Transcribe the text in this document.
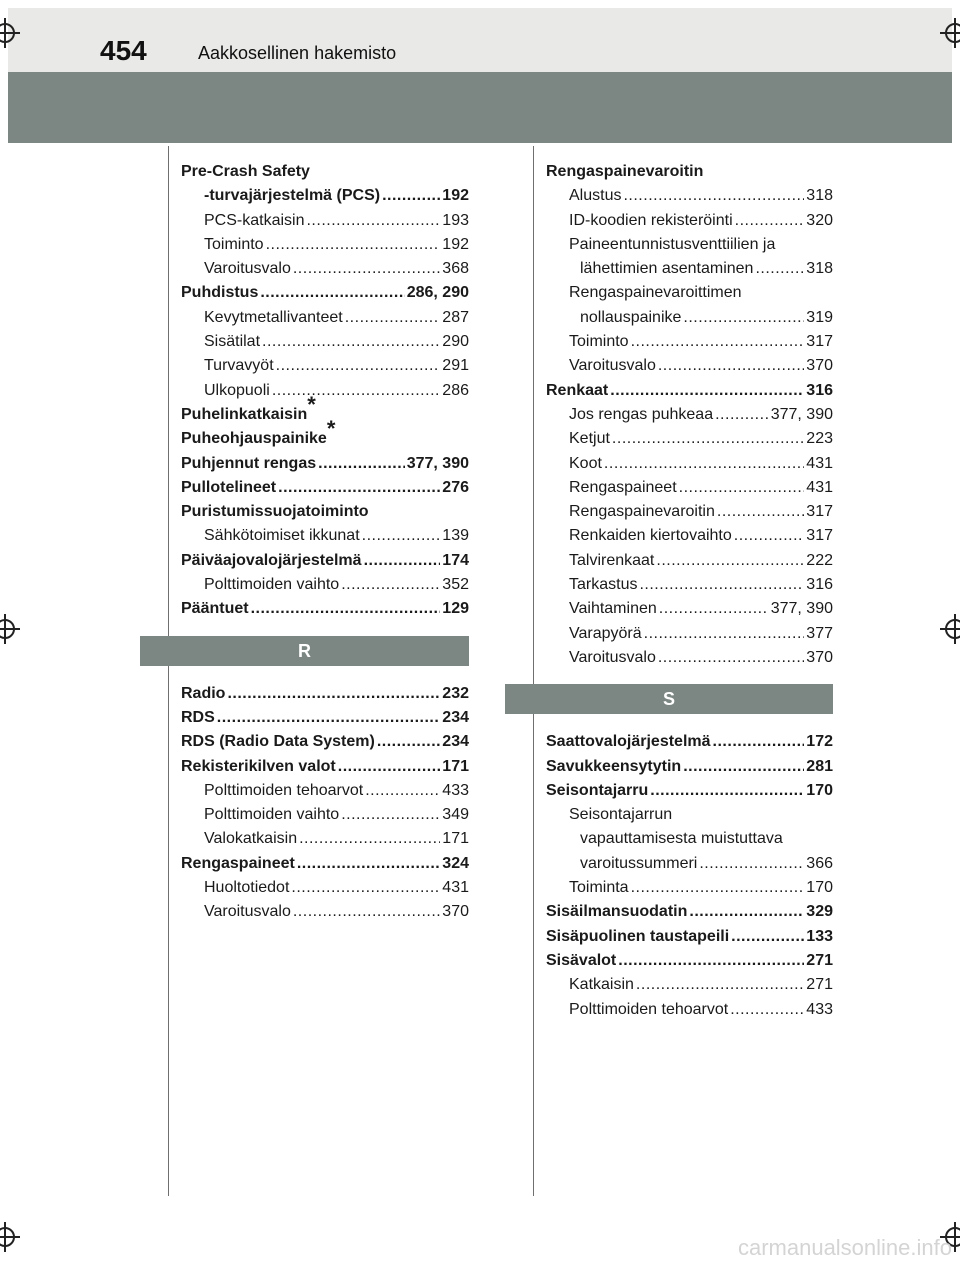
454	Aakkosellinen hakemisto
Pre-Crash Safety
-turvajärjestelmä (PCS) .....	192
PCS-katkaisin .....	193
Toiminto .....	192
Varoitusvalo .....	368
Puhdistus .....	286, 290
Kevytmetallivanteet .....	287
Sisätilat .....	290
Turvavyöt .....	291
Ulkopuoli .....	286
Puhelinkatkaisin*
Puheohjauspainike*
Puhjennut rengas .....	377, 390
Pullotelineet .....	276
Puristumissuojatoiminto
Sähkötoimiset ikkunat .....	139
Päiväajovalojärjestelmä .....	174
Polttimoiden vaihto .....	352
Pääntuet .....	129
R
Radio .....	232
RDS .....	234
RDS (Radio Data System) .....	234
Rekisterikilven valot .....	171
Polttimoiden tehoarvot .....	433
Polttimoiden vaihto .....	349
Valokatkaisin .....	171
Rengaspaineet .....	324
Huoltotiedot .....	431
Varoitusvalo .....	370
Rengaspainevaroitin
Alustus .....	318
ID-koodien rekisteröinti .....	320
Paineentunnistusventtiilien ja
lähettimien asentaminen .....	318
Rengaspainevaroittimen
nollauspainike .....	319
Toiminto .....	317
Varoitusvalo .....	370
Renkaat .....	316
Jos rengas puhkeaa .....	377, 390
Ketjut .....	223
Koot .....	431
Rengaspaineet .....	431
Rengaspainevaroitin .....	317
Renkaiden kiertovaihto .....	317
Talvirenkaat .....	222
Tarkastus .....	316
Vaihtaminen .....	377, 390
Varapyörä .....	377
Varoitusvalo .....	370
S
Saattovalojärjestelmä .....	172
Savukkeensytytin .....	281
Seisontajarru .....	170
Seisontajarrun
vapauttamisesta muistuttava
varoitussummeri .....	366
Toiminta .....	170
Sisäilmansuodatin .....	329
Sisäpuolinen taustapeili .....	133
Sisävalot .....	271
Katkaisin .....	271
Polttimoiden tehoarvot .....	433
carmanualsonline.info
